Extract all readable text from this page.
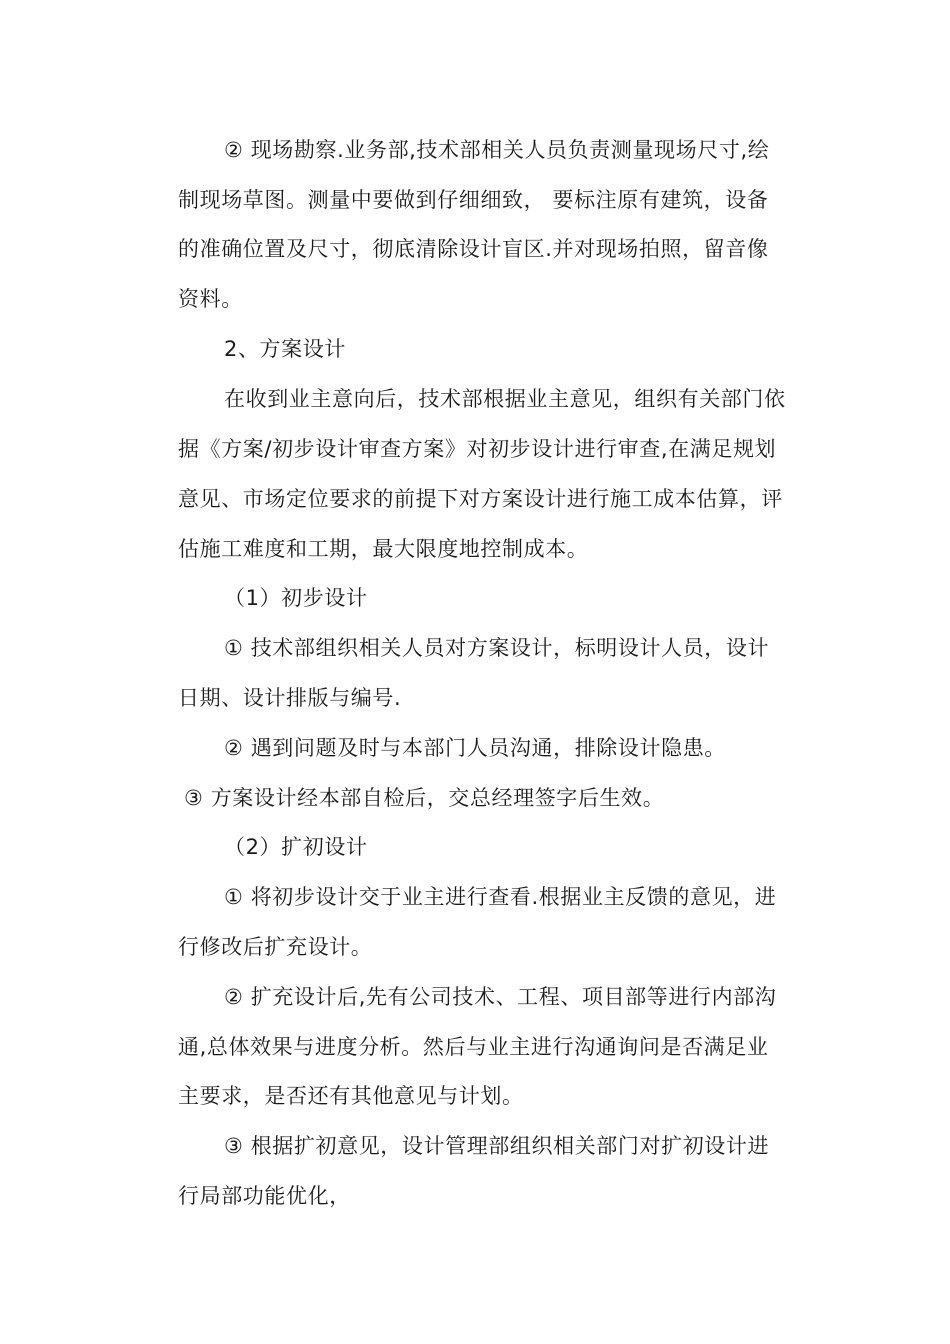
② 现场勘察.业务部,技术部相关人员负责测量现场尺寸,绘
制现场草图。测量中要做到仔细细致， 要标注原有建筑，设备
的准确位置及尺寸，彻底清除设计盲区.并对现场拍照，留音像
资料。
2、方案设计
在收到业主意向后，技术部根据业主意见，组织有关部门依
据《方案/初步设计审查方案》对初步设计进行审查,在满足规划
意见、市场定位要求的前提下对方案设计进行施工成本估算，评
估施工难度和工期，最大限度地控制成本。
（1）初步设计
① 技术部组织相关人员对方案设计，标明设计人员，设计
日期、设计排版与编号.
② 遇到问题及时与本部门人员沟通，排除设计隐患。
③ 方案设计经本部自检后，交总经理签字后生效。
（2）扩初设计
① 将初步设计交于业主进行查看.根据业主反馈的意见，进
行修改后扩充设计。
② 扩充设计后,先有公司技术、工程、项目部等进行内部沟
通,总体效果与进度分析。然后与业主进行沟通询问是否满足业
主要求，是否还有其他意见与计划。
③ 根据扩初意见，设计管理部组织相关部门对扩初设计进
行局部功能优化，
